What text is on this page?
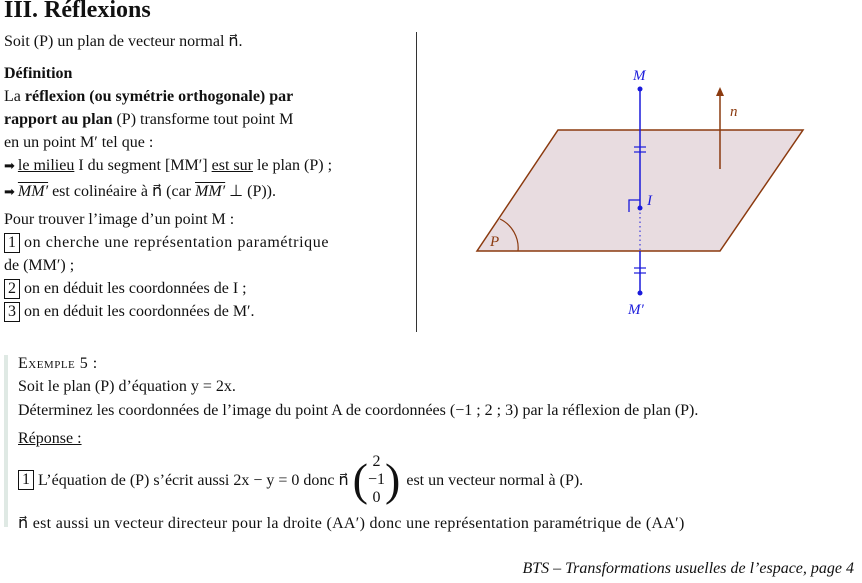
III. Réflexions
Soit (P) un plan de vecteur normal n⃗.
Définition
La réflexion (ou symétrie orthogonale) par
rapport au plan (P) transforme tout point M
en un point M′ tel que :
➡ le milieu I du segment [MM′] est sur le plan (P) ;
➡ MM′ est colinéaire à n⃗ (car MM′ ⊥ (P)).
Pour trouver l’image d’un point M :
1 on cherche une représentation paramétrique
de (MM′) ;
2 on en déduit les coordonnées de I ;
3 on en déduit les coordonnées de M′.
P
M
I
M′
n⃗
Exemple 5 :
Soit le plan (P) d’équation y = 2x.
Déterminez les coordonnées de l’image du point A de coordonnées (−1 ; 2 ; 3) par la réflexion de plan (P).
Réponse :
1 L’équation de (P) s’écrit aussi 2x − y = 0 donc n⃗ ( 2
−1
0 ) est un vecteur normal à (P).
n⃗ est aussi un vecteur directeur pour la droite (AA′) donc une représentation paramétrique de (AA′)
BTS – Transformations usuelles de l’espace, page 4
